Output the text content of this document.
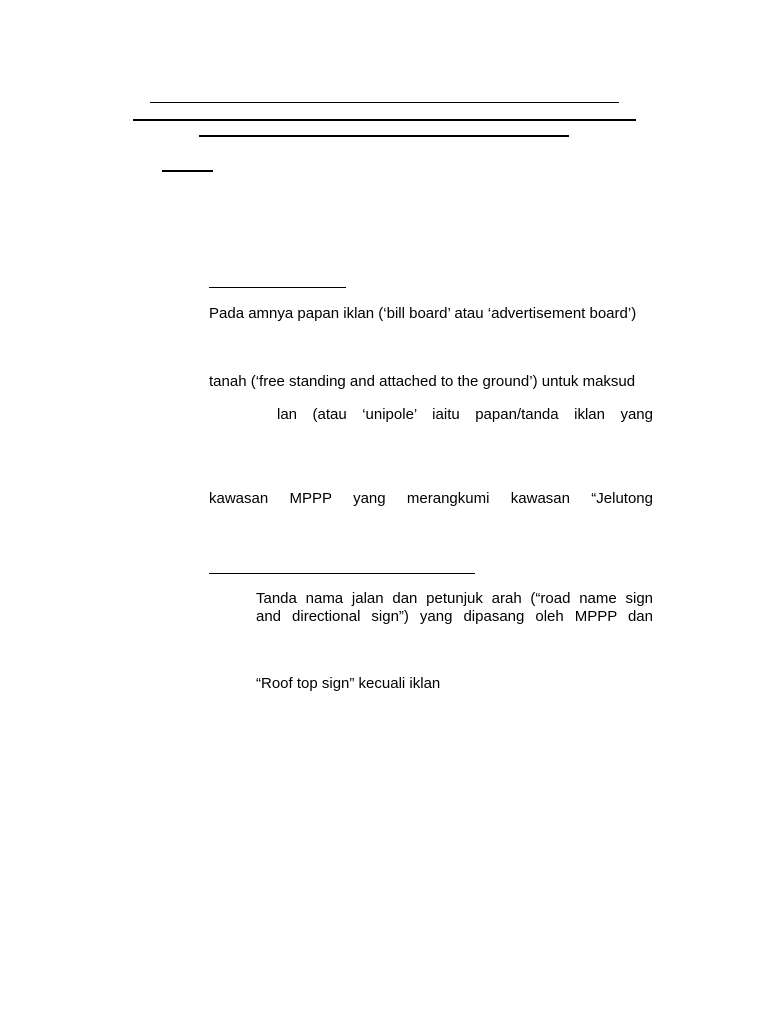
Pada amnya papan iklan (‘bill board’ atau ‘advertisement board’)
tanah (‘free standing and attached to the ground’) untuk maksud
lan (atau ‘unipole’ iaitu papan/tanda iklan yang
kawasan MPPP yang merangkumi kawasan “Jelutong
Tanda nama jalan dan petunjuk arah (“road name sign
and directional sign”) yang dipasang oleh MPPP dan
“Roof top sign” kecuali iklan
